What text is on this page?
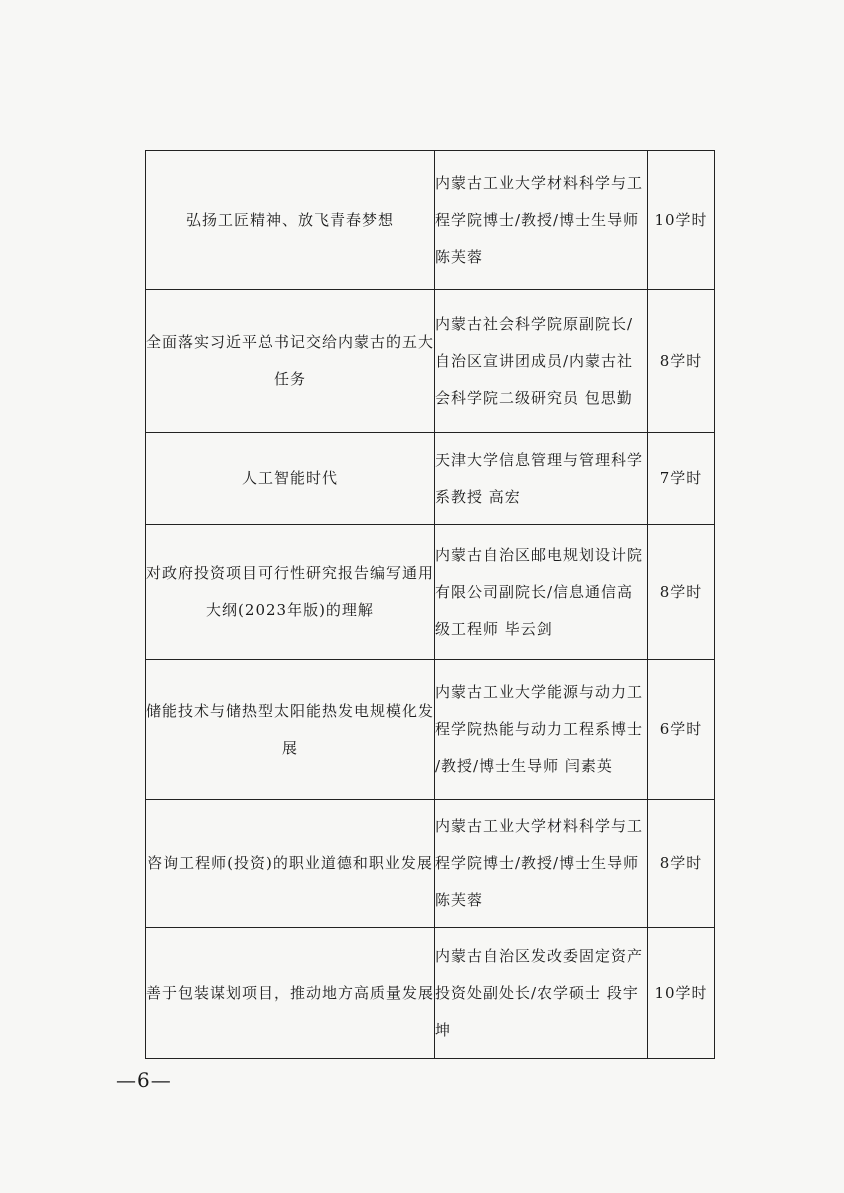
弘扬工匠精神、放飞青春梦想	内蒙古工业大学材料科学与工
程学院博士/教授/博士生导师
陈芙蓉	10学时

全面落实习近平总书记交给内蒙古的五大
任务	内蒙古社会科学院原副院长/
自治区宣讲团成员/内蒙古社
会科学院二级研究员 包思勤	8学时

人工智能时代	天津大学信息管理与管理科学
系教授 高宏	7学时

对政府投资项目可行性研究报告编写通用
大纲(2023年版)的理解	内蒙古自治区邮电规划设计院
有限公司副院长/信息通信高
级工程师 毕云剑	8学时

储能技术与储热型太阳能热发电规模化发
展	内蒙古工业大学能源与动力工
程学院热能与动力工程系博士
/教授/博士生导师 闫素英	6学时

咨询工程师(投资)的职业道德和职业发展	内蒙古工业大学材料科学与工
程学院博士/教授/博士生导师
陈芙蓉	8学时

善于包装谋划项目，推动地方高质量发展	内蒙古自治区发改委固定资产
投资处副处长/农学硕士 段宇
坤	10学时
—6—
